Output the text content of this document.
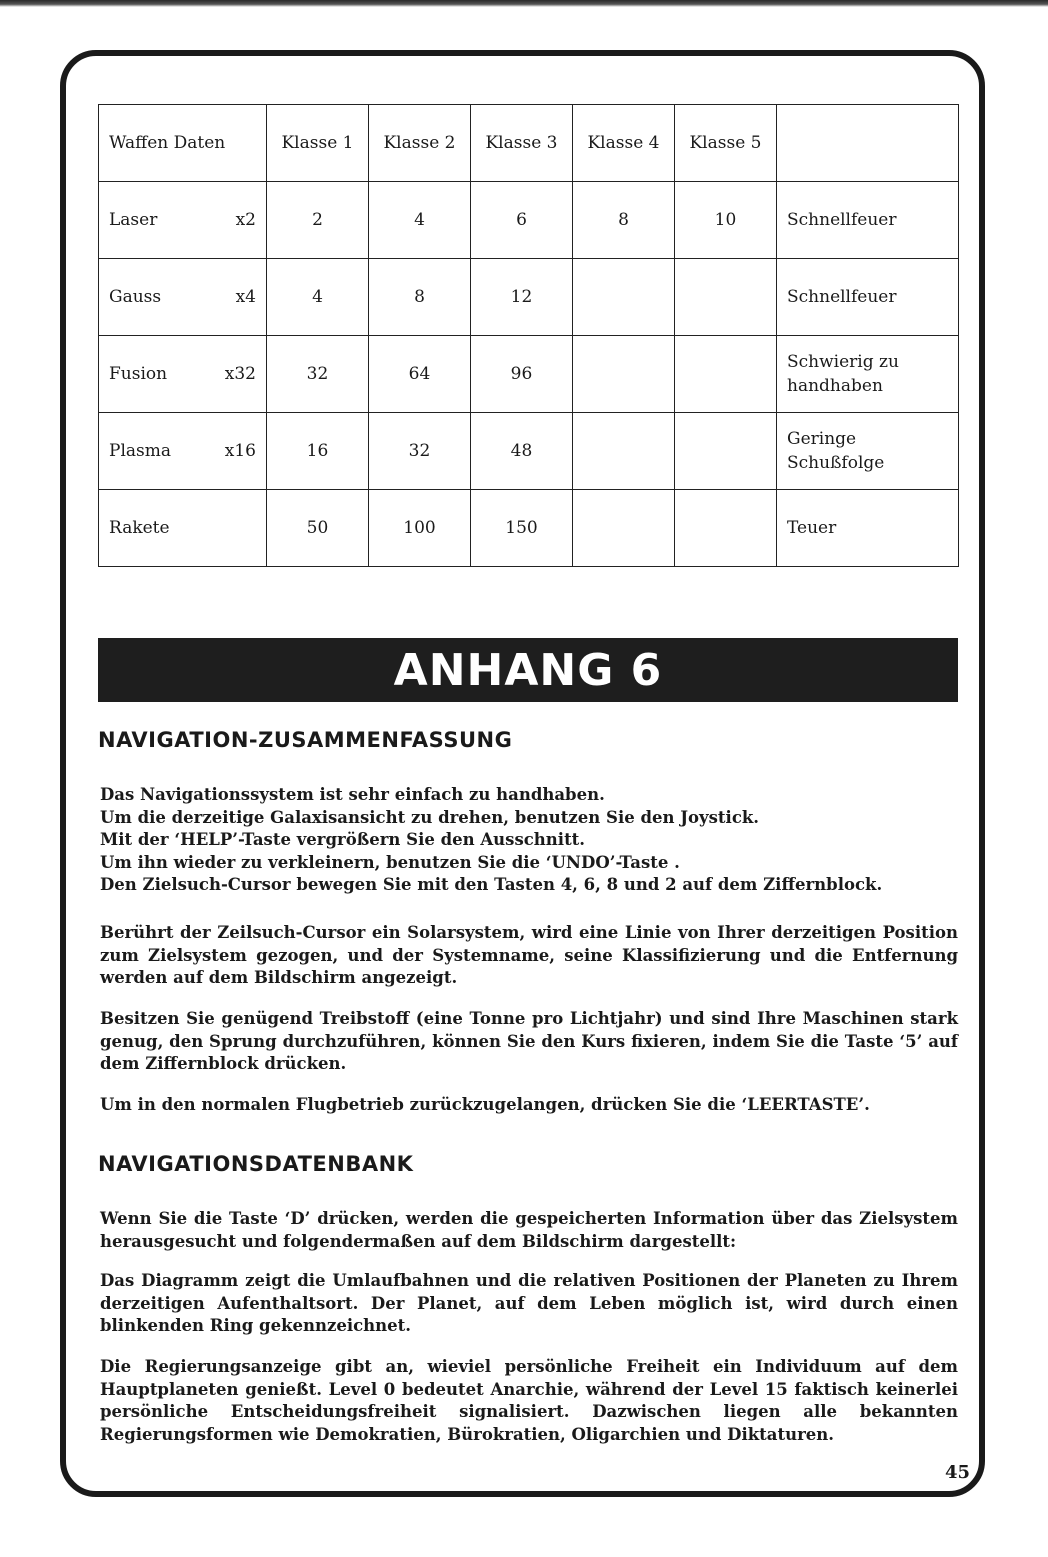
Waffen Daten	Klasse 1	Klasse 2	Klasse 3	Klasse 4	Klasse 5	

Laser x2	2	4	6	8	10	Schnellfeuer

Gauss x4	4	8	12			Schnellfeuer

Fusion x32	32	64	96			Schwierig zu handhaben

Plasma x16	16	32	48			Geringe Schußfolge

Rakete	50	100	150			Teuer
ANHANG 6
NAVIGATION-ZUSAMMENFASSUNG

Das Navigationssystem ist sehr einfach zu handhaben.
Um die derzeitige Galaxisansicht zu drehen, benutzen Sie den Joystick.
Mit der ‘HELP’-Taste vergrößern Sie den Ausschnitt.
Um ihn wieder zu verkleinern, benutzen Sie die ‘UNDO’-Taste .
Den Zielsuch-Cursor bewegen Sie mit den Tasten 4, 6, 8 und 2 auf dem Ziffernblock.

Berührt der Zeilsuch-Cursor ein Solarsystem, wird eine Linie von Ihrer derzeitigen Position zum Zielsystem gezogen, und der Systemname, seine Klassifizierung und die Entfernung werden auf dem Bildschirm angezeigt.

Besitzen Sie genügend Treibstoff (eine Tonne pro Lichtjahr) und sind Ihre Maschinen stark genug, den Sprung durchzuführen, können Sie den Kurs fixieren, indem Sie die Taste ‘5’ auf dem Ziffernblock drücken.

Um in den normalen Flugbetrieb zurückzugelangen, drücken Sie die ‘LEERTASTE’.

NAVIGATIONSDATENBANK

Wenn Sie die Taste ‘D’ drücken, werden die gespeicherten Information über das Zielsystem herausgesucht und folgendermaßen auf dem Bildschirm dargestellt:

Das Diagramm zeigt die Umlaufbahnen und die relativen Positionen der Planeten zu Ihrem derzeitigen Aufenthaltsort. Der Planet, auf dem Leben möglich ist, wird durch einen blinkenden Ring gekennzeichnet.

Die Regierungsanzeige gibt an, wieviel persönliche Freiheit ein Individuum auf dem Hauptplaneten genießt. Level 0 bedeutet Anarchie, während der Level 15 faktisch keinerlei persönliche Entscheidungsfreiheit signalisiert. Dazwischen liegen alle bekannten Regierungsformen wie Demokratien, Bürokratien, Oligarchien und Diktaturen.

45
